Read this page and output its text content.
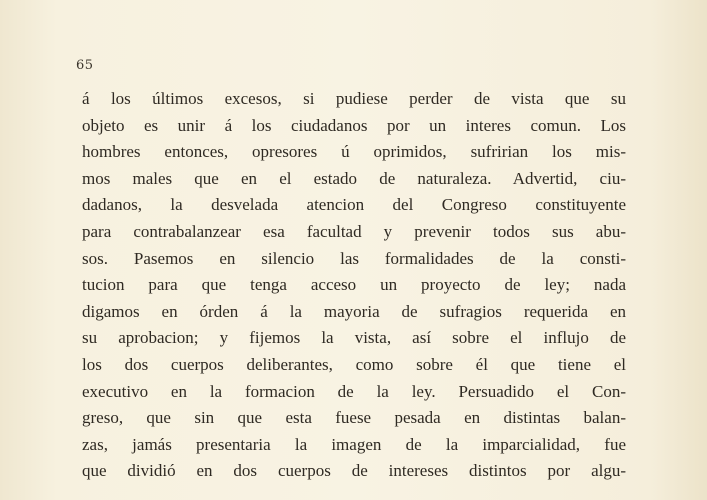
65
á los últimos excesos, si pudiese perder de vista que su
objeto es unir á los ciudadanos por un interes comun. Los
hombres entonces, opresores ú oprimidos, sufririan los mis-
mos males que en el estado de naturaleza. Advertid, ciu-
dadanos, la desvelada atencion del Congreso constituyente
para contrabalanzear esa facultad y prevenir todos sus abu-
sos. Pasemos en silencio las formalidades de la consti-
tucion para que tenga acceso un proyecto de ley; nada
digamos en órden á la mayoria de sufragios requerida en
su aprobacion; y fijemos la vista, así sobre el influjo de
los dos cuerpos deliberantes, como sobre él que tiene el
executivo en la formacion de la ley. Persuadido el Con-
greso, que sin que esta fuese pesada en distintas balan-
zas, jamás presentaria la imagen de la imparcialidad, fue
que dividió en dos cuerpos de intereses distintos por algu-
